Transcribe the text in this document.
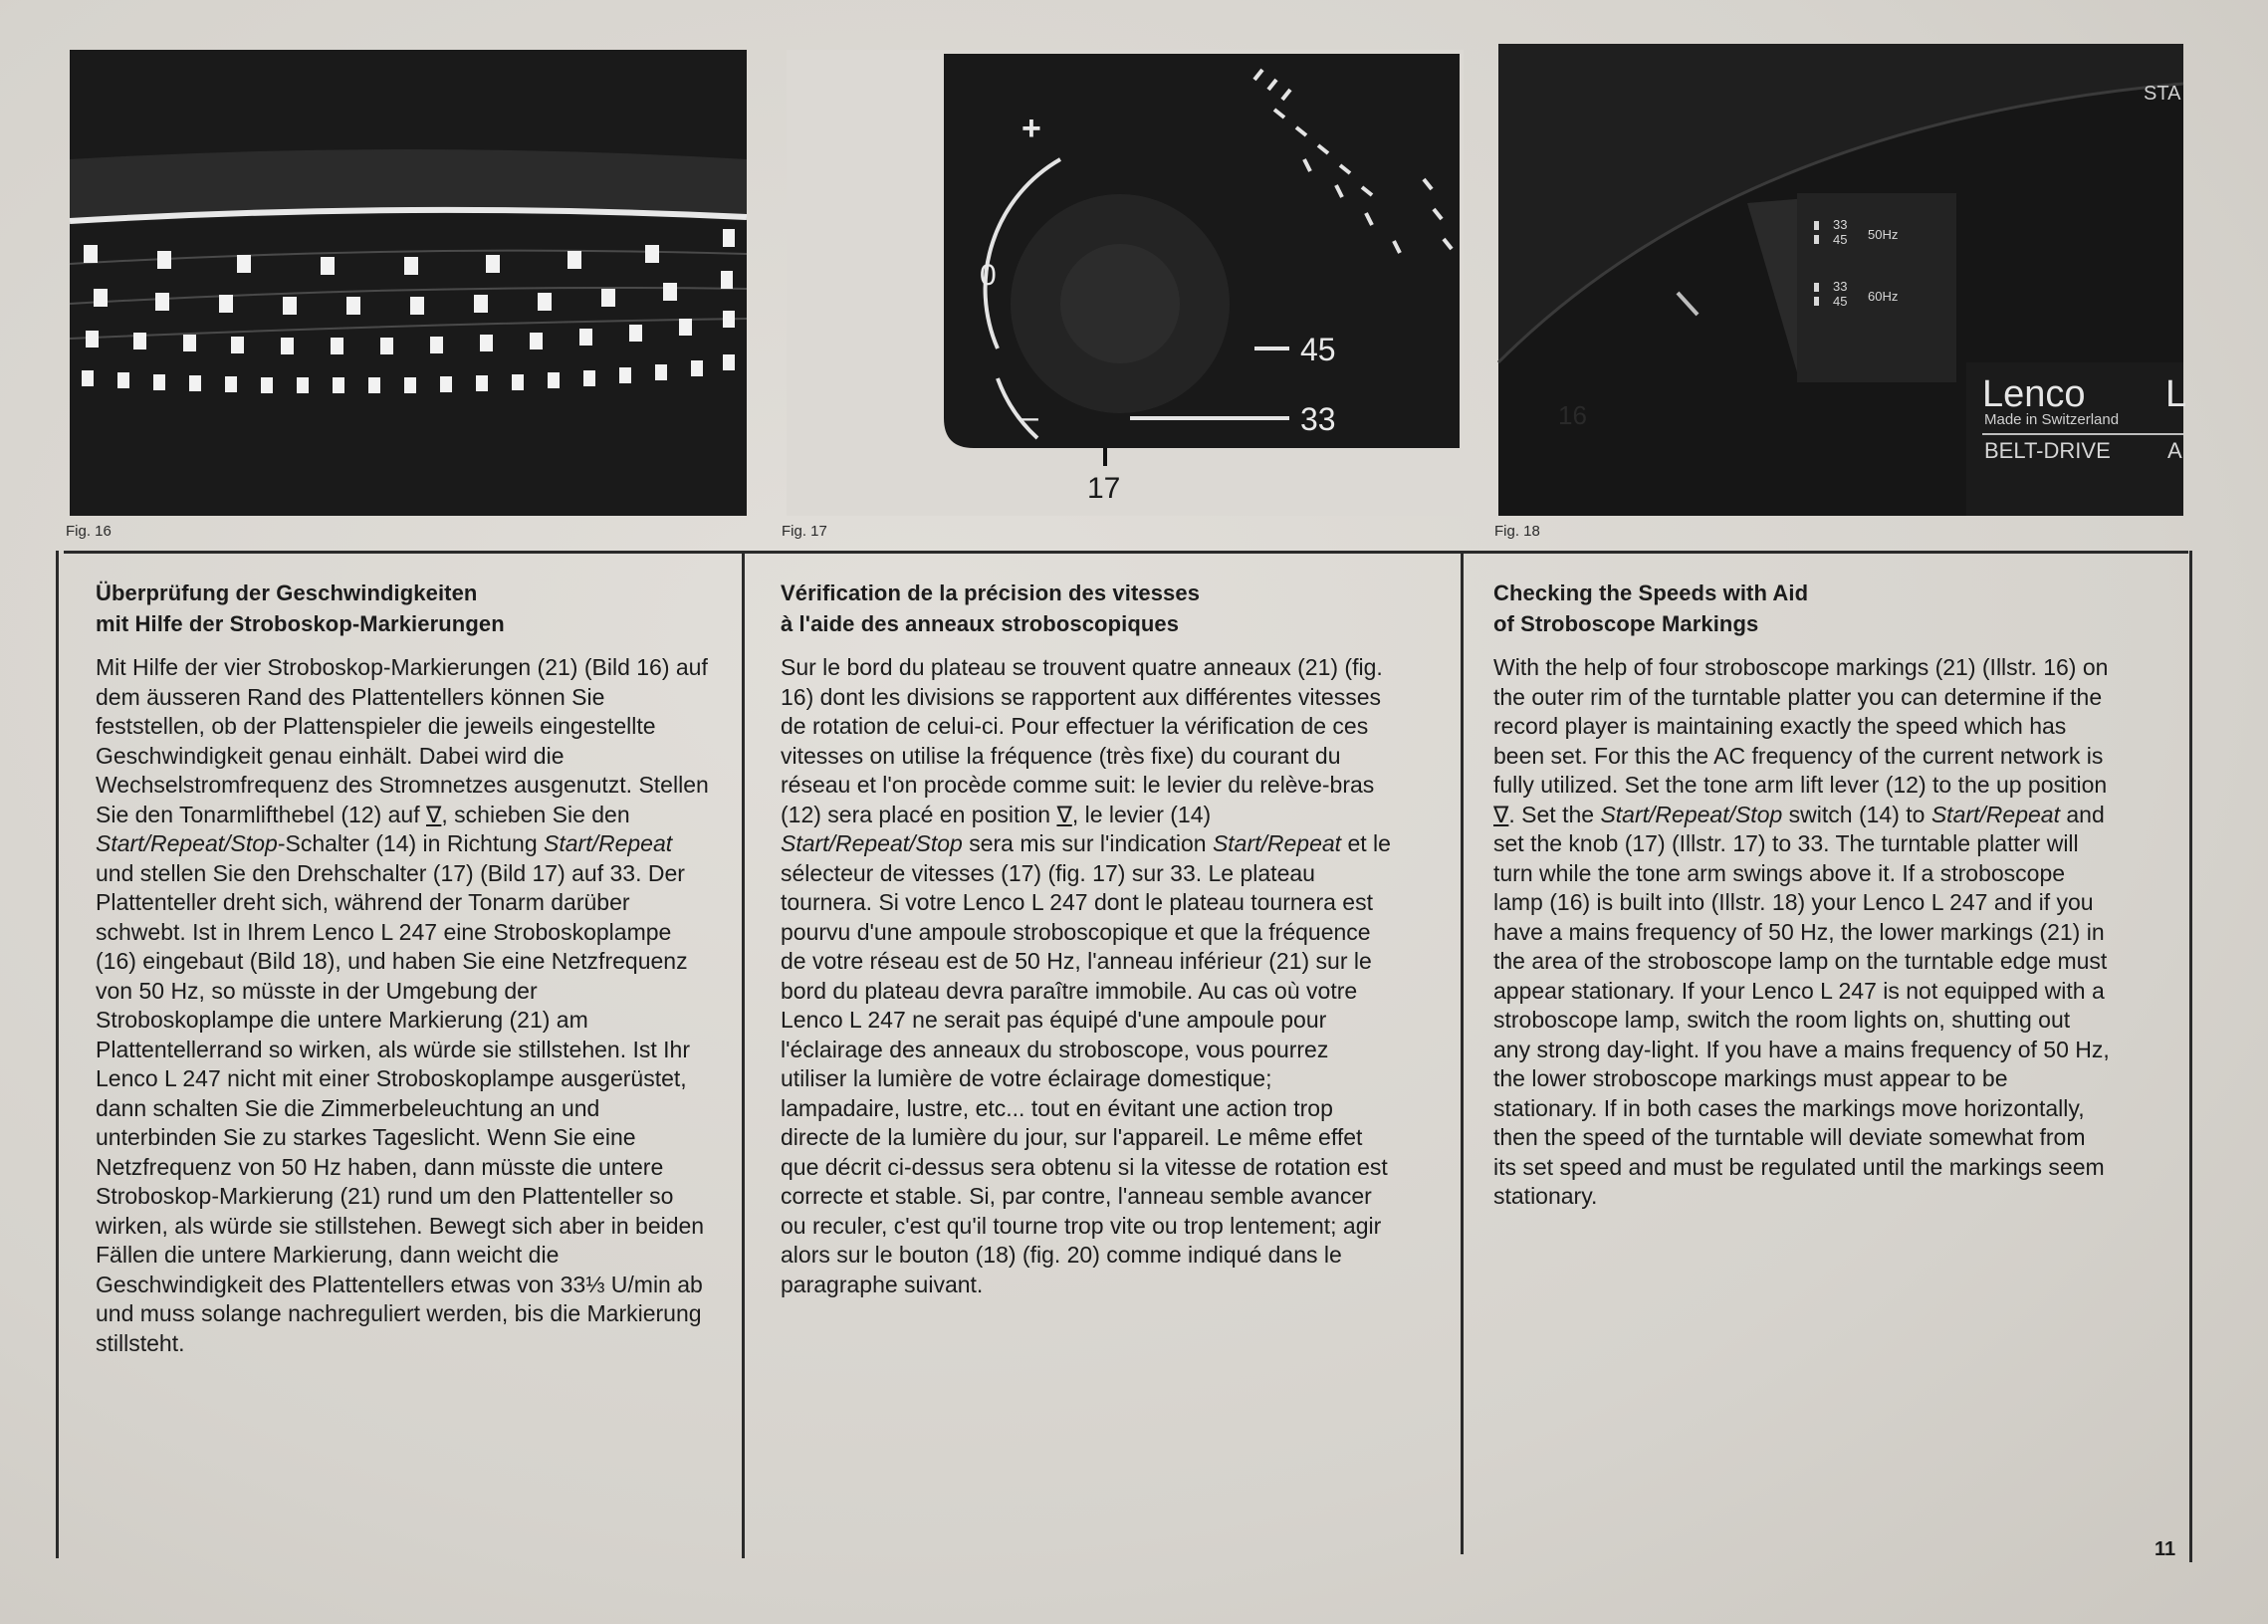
Fig. 16
+
0
–
45
33
17
Fig. 17
33
45 50Hz
33
45 60Hz
16
STA
Lenco L
Made in Switzerland
BELT-DRIVE	A
Fig. 18
Überprüfung der Geschwindigkeiten
mit Hilfe der Stroboskop-Markierungen

Mit Hilfe der vier Stroboskop-Markierungen (21) (Bild 16) auf dem äusseren Rand des Plattentellers können Sie feststellen, ob der Plattenspieler die jeweils eingestellte Geschwindigkeit genau einhält. Dabei wird die Wechselstromfrequenz des Stromnetzes ausgenutzt. Stellen Sie den Tonarmlifthebel (12) auf ∇, schieben Sie den Start/Repeat/Stop-Schalter (14) in Richtung Start/Repeat und stellen Sie den Drehschalter (17) (Bild 17) auf 33. Der Plattenteller dreht sich, während der Tonarm darüber schwebt. Ist in Ihrem Lenco L 247 eine Stroboskoplampe (16) eingebaut (Bild 18), und haben Sie eine Netzfrequenz von 50 Hz, so müsste in der Umgebung der Stroboskoplampe die untere Markierung (21) am Plattentellerrand so wirken, als würde sie stillstehen. Ist Ihr Lenco L 247 nicht mit einer Stroboskoplampe ausgerüstet, dann schalten Sie die Zimmerbeleuchtung an und unterbinden Sie zu starkes Tageslicht. Wenn Sie eine Netzfrequenz von 50 Hz haben, dann müsste die untere Stroboskop-Markierung (21) rund um den Plattenteller so wirken, als würde sie stillstehen. Bewegt sich aber in beiden Fällen die untere Markierung, dann weicht die Geschwindigkeit des Plattentellers etwas von 33⅓ U/min ab und muss solange nachreguliert werden, bis die Markierung stillsteht.

Vérification de la précision des vitesses
à l'aide des anneaux stroboscopiques

Sur le bord du plateau se trouvent quatre anneaux (21) (fig. 16) dont les divisions se rapportent aux différentes vitesses de rotation de celui-ci. Pour effectuer la vérification de ces vitesses on utilise la fréquence (très fixe) du courant du réseau et l'on procède comme suit: le levier du relève-bras (12) sera placé en position ∇, le levier (14) Start/Repeat/Stop sera mis sur l'indication Start/Repeat et le sélecteur de vitesses (17) (fig. 17) sur 33. Le plateau tournera. Si votre Lenco L 247 dont le plateau tournera est pourvu d'une ampoule stroboscopique et que la fréquence de votre réseau est de 50 Hz, l'anneau inférieur (21) sur le bord du plateau devra paraître immobile. Au cas où votre Lenco L 247 ne serait pas équipé d'une ampoule pour l'éclairage des anneaux du stroboscope, vous pourrez utiliser la lumière de votre éclairage domestique; lampadaire, lustre, etc... tout en évitant une action trop directe de la lumière du jour, sur l'appareil. Le même effet que décrit ci-dessus sera obtenu si la vitesse de rotation est correcte et stable. Si, par contre, l'anneau semble avancer ou reculer, c'est qu'il tourne trop vite ou trop lentement; agir alors sur le bouton (18) (fig. 20) comme indiqué dans le paragraphe suivant.

Checking the Speeds with Aid
of Stroboscope Markings

With the help of four stroboscope markings (21) (Illstr. 16) on the outer rim of the turntable platter you can determine if the record player is maintaining exactly the speed which has been set. For this the AC frequency of the current network is fully utilized. Set the tone arm lift lever (12) to the up position ∇. Set the Start/Repeat/Stop switch (14) to Start/Repeat and set the knob (17) (Illstr. 17) to 33. The turntable platter will turn while the tone arm swings above it. If a stroboscope lamp (16) is built into (Illstr. 18) your Lenco L 247 and if you have a mains frequency of 50 Hz, the lower markings (21) in the area of the stroboscope lamp on the turntable edge must appear stationary. If your Lenco L 247 is not equipped with a stroboscope lamp, switch the room lights on, shutting out any strong day-light. If you have a mains frequency of 50 Hz, the lower stroboscope markings must appear to be stationary. If in both cases the markings move horizontally, then the speed of the turntable will deviate somewhat from its set speed and must be regulated until the markings seem stationary.

11
